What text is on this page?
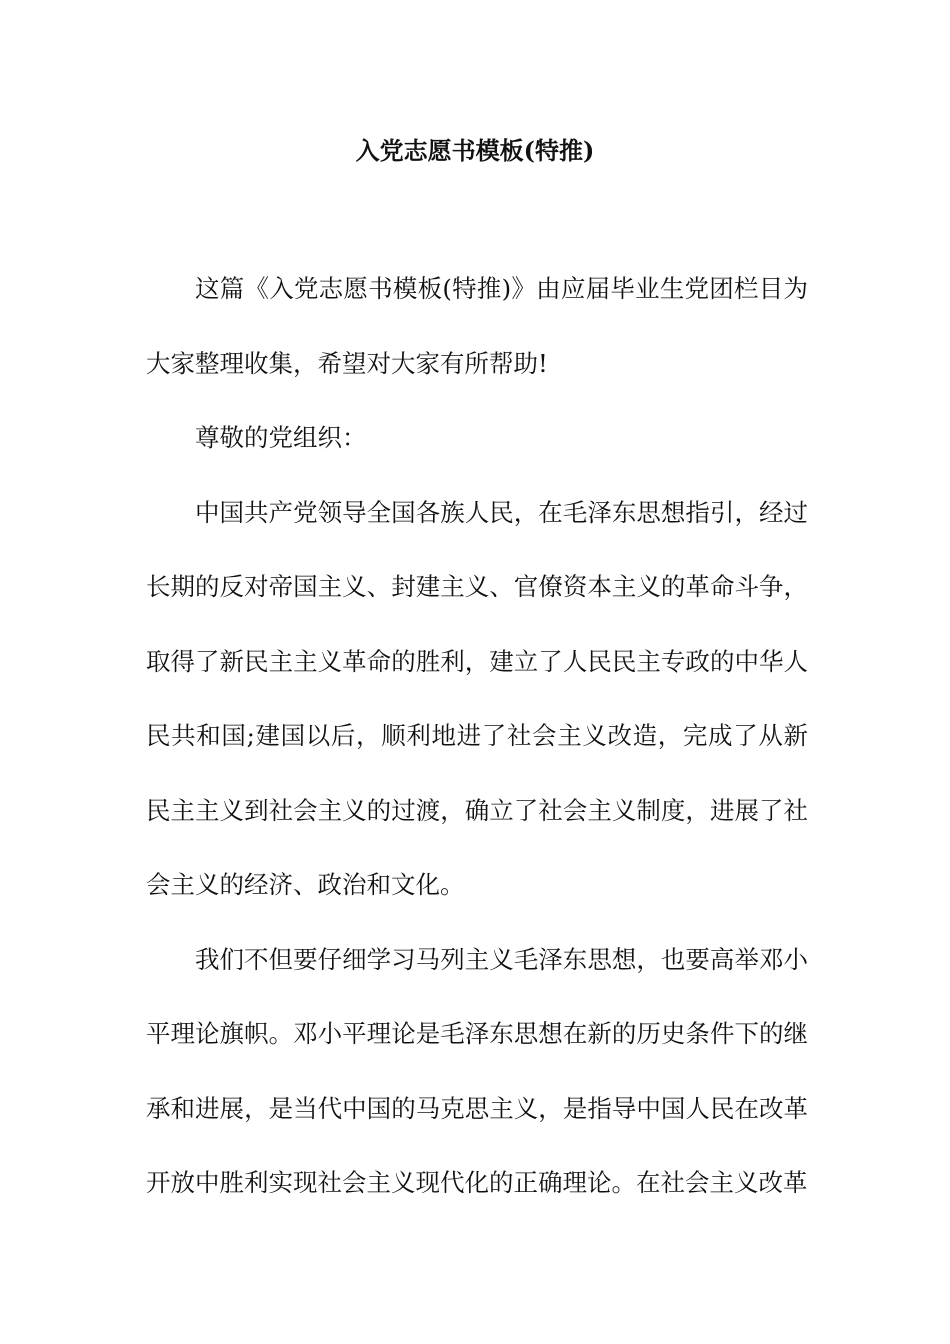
入党志愿书模板(特推)

这篇《入党志愿书模板(特推)》由应届毕业生党团栏目为大家整理收集，希望对大家有所帮助!

尊敬的党组织：

中国共产党领导全国各族人民，在毛泽东思想指引，经过长期的反对帝国主义、封建主义、官僚资本主义的革命斗争，取得了新民主主义革命的胜利，建立了人民民主专政的中华人民共和国;建国以后，顺利地进了社会主义改造，完成了从新民主主义到社会主义的过渡，确立了社会主义制度，进展了社会主义的经济、政治和文化。

我们不但要仔细学习马列主义毛泽东思想，也要高举邓小平理论旗帜。邓小平理论是毛泽东思想在新的历史条件下的继承和进展，是当代中国的马克思主义，是指导中国人民在改革开放中胜利实现社会主义现代化的正确理论。在社会主义改革
